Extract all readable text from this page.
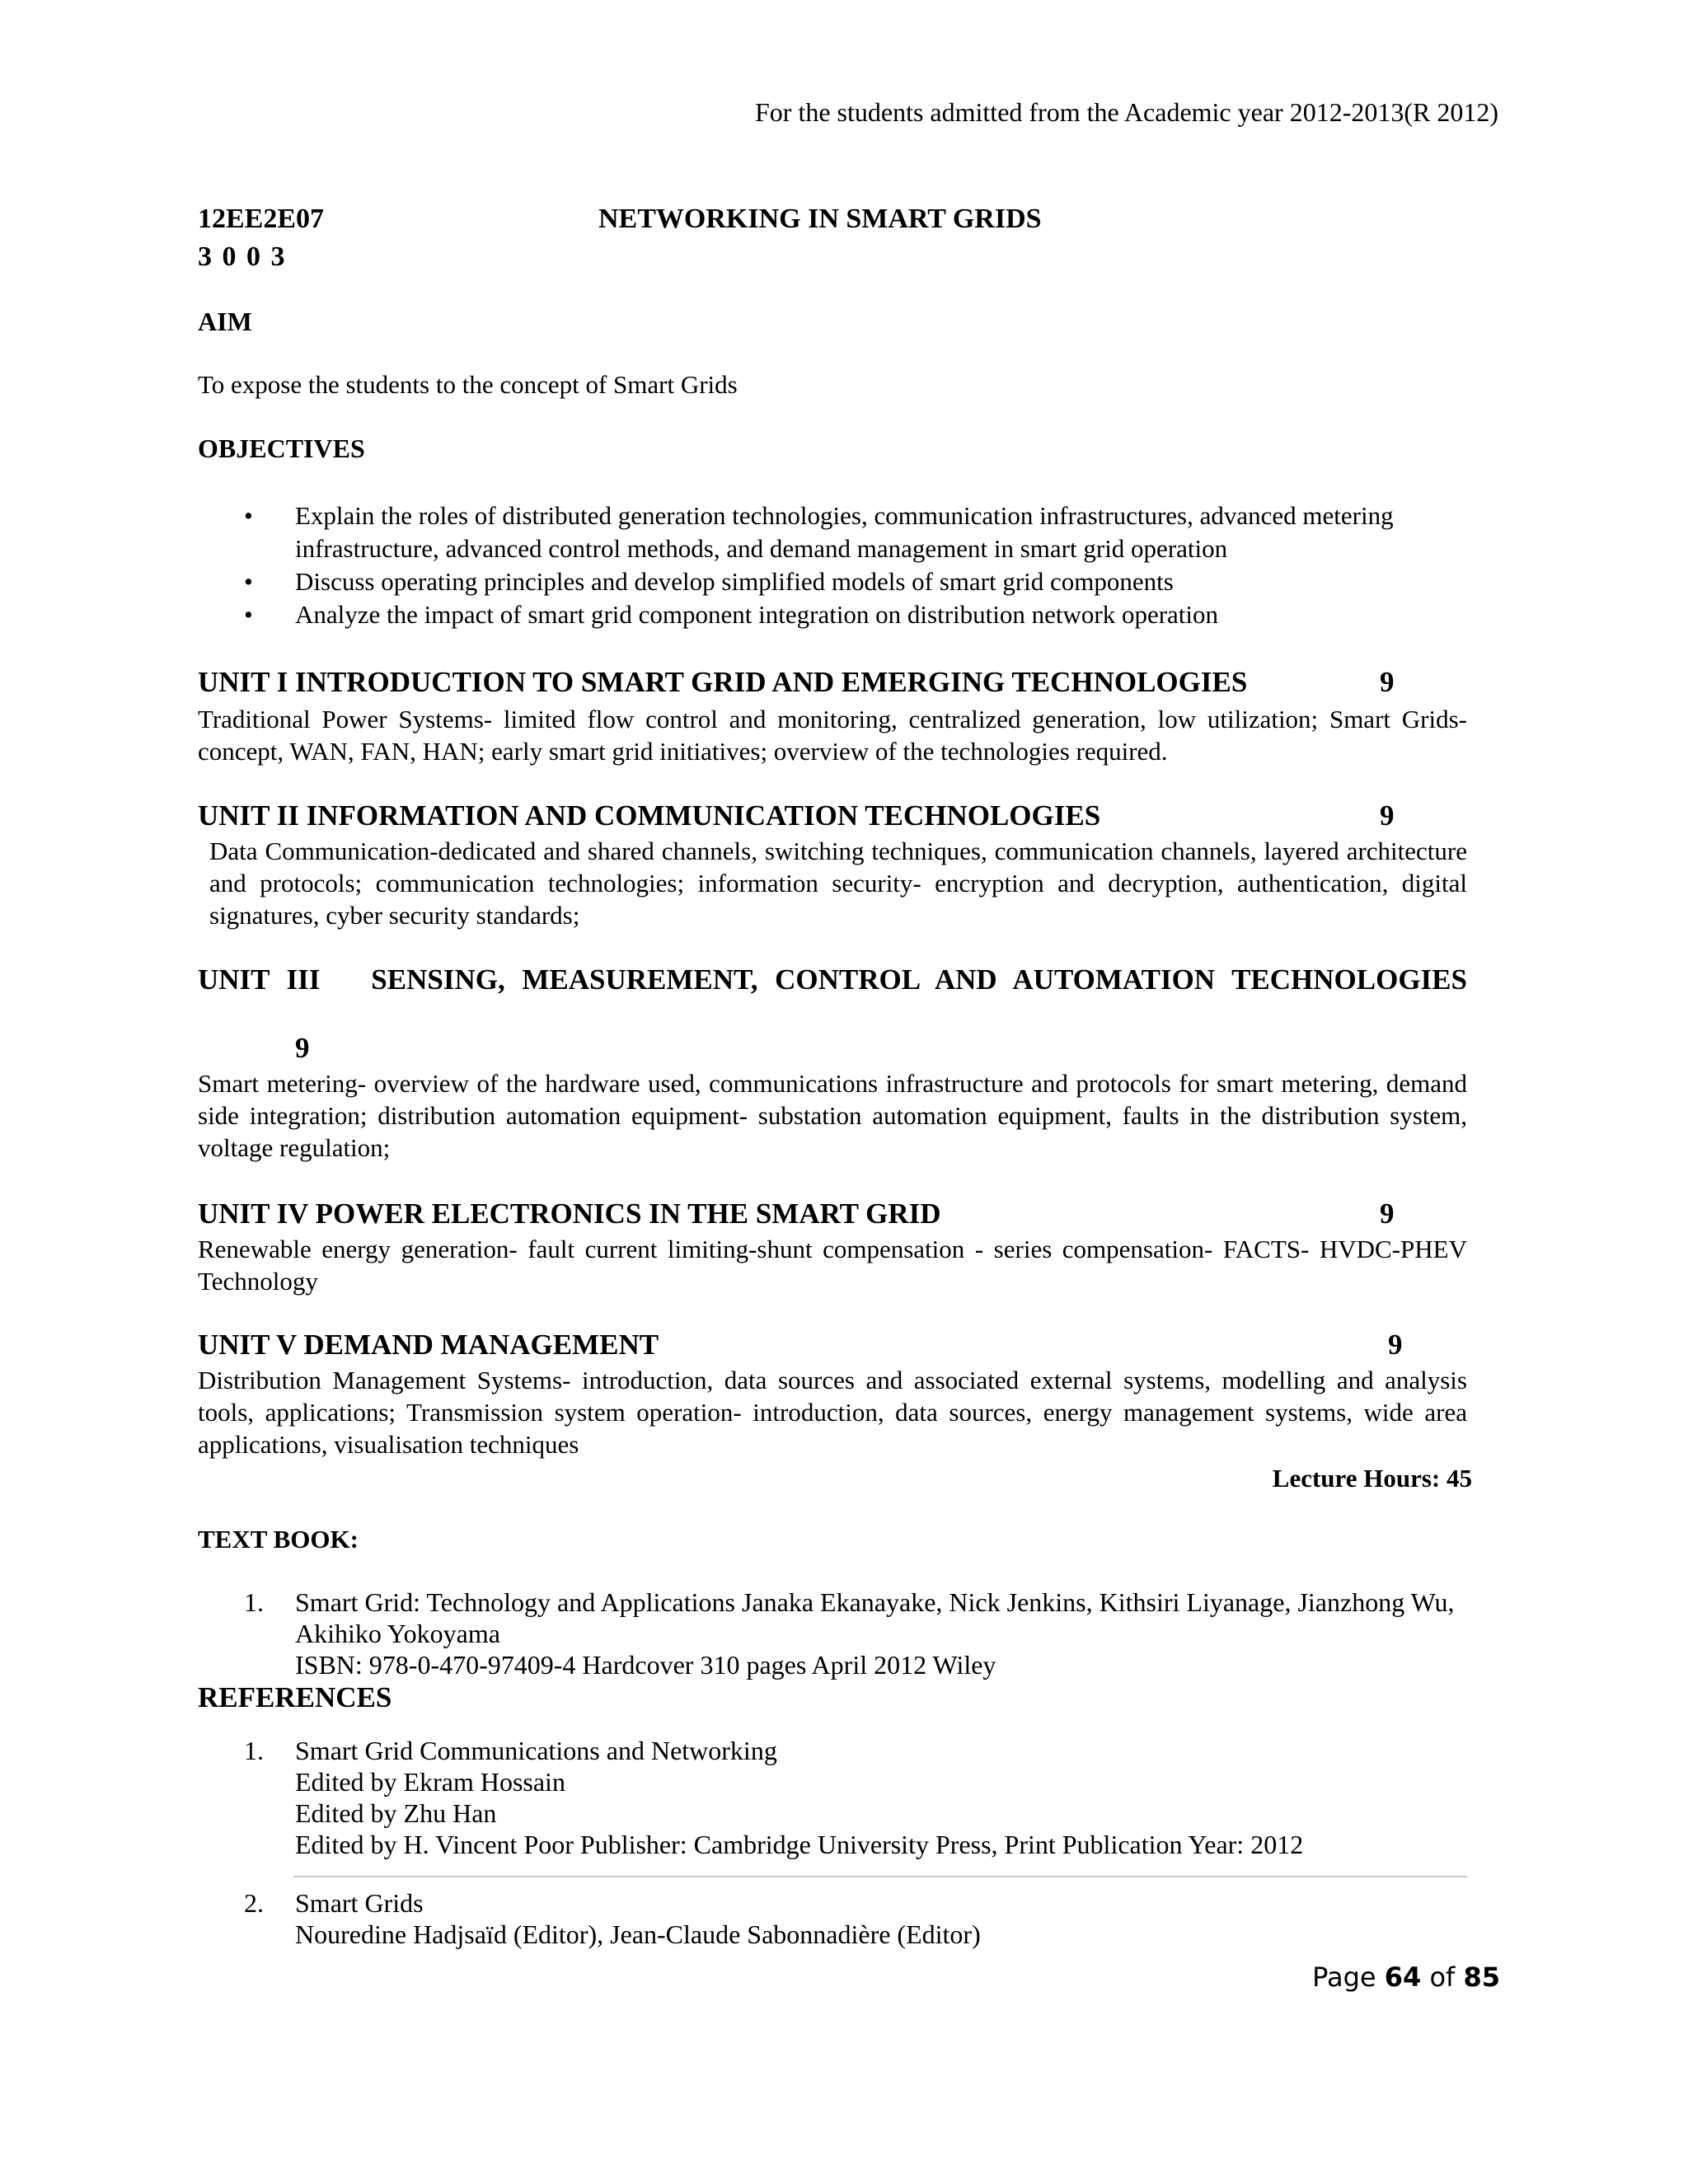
For the students admitted from the Academic year 2012-2013(R 2012)
12EE2E07	NETWORKING IN SMART GRIDS
3 0 0 3
AIM
To expose the students to the concept of Smart Grids
OBJECTIVES
• Explain the roles of distributed generation technologies, communication infrastructures, advanced metering infrastructure, advanced control methods, and demand management in smart grid operation
• Discuss operating principles and develop simplified models of smart grid components
• Analyze the impact of smart grid component integration on distribution network operation
UNIT I INTRODUCTION TO SMART GRID AND EMERGING TECHNOLOGIES	9
Traditional Power Systems- limited flow control and monitoring, centralized generation, low utilization; Smart Grids- concept, WAN, FAN, HAN; early smart grid initiatives; overview of the technologies required.
UNIT II INFORMATION AND COMMUNICATION TECHNOLOGIES	9
Data Communication-dedicated and shared channels, switching techniques, communication channels, layered architecture and protocols; communication technologies; information security- encryption and decryption, authentication, digital signatures, cyber security standards;
UNIT III   SENSING, MEASUREMENT, CONTROL AND AUTOMATION TECHNOLOGIES
9
Smart metering- overview of the hardware used, communications infrastructure and protocols for smart metering, demand side integration; distribution automation equipment- substation automation equipment, faults in the distribution system, voltage regulation;
UNIT IV POWER ELECTRONICS IN THE SMART GRID	9
Renewable energy generation- fault current limiting-shunt compensation - series compensation- FACTS- HVDC-PHEV Technology
UNIT V DEMAND MANAGEMENT	9
Distribution Management Systems- introduction, data sources and associated external systems, modelling and analysis tools, applications; Transmission system operation- introduction, data sources, energy management systems, wide area applications, visualisation techniques
Lecture Hours: 45
TEXT BOOK:
1. Smart Grid: Technology and Applications Janaka Ekanayake, Nick Jenkins, Kithsiri Liyanage, Jianzhong Wu, Akihiko Yokoyama
ISBN: 978-0-470-97409-4 Hardcover 310 pages April 2012 Wiley
REFERENCES
1. Smart Grid Communications and Networking
Edited by Ekram Hossain
Edited by Zhu Han
Edited by H. Vincent Poor Publisher: Cambridge University Press, Print Publication Year: 2012
2. Smart Grids
Nouredine Hadjsaïd (Editor), Jean-Claude Sabonnadière (Editor)
Page 64 of 85
